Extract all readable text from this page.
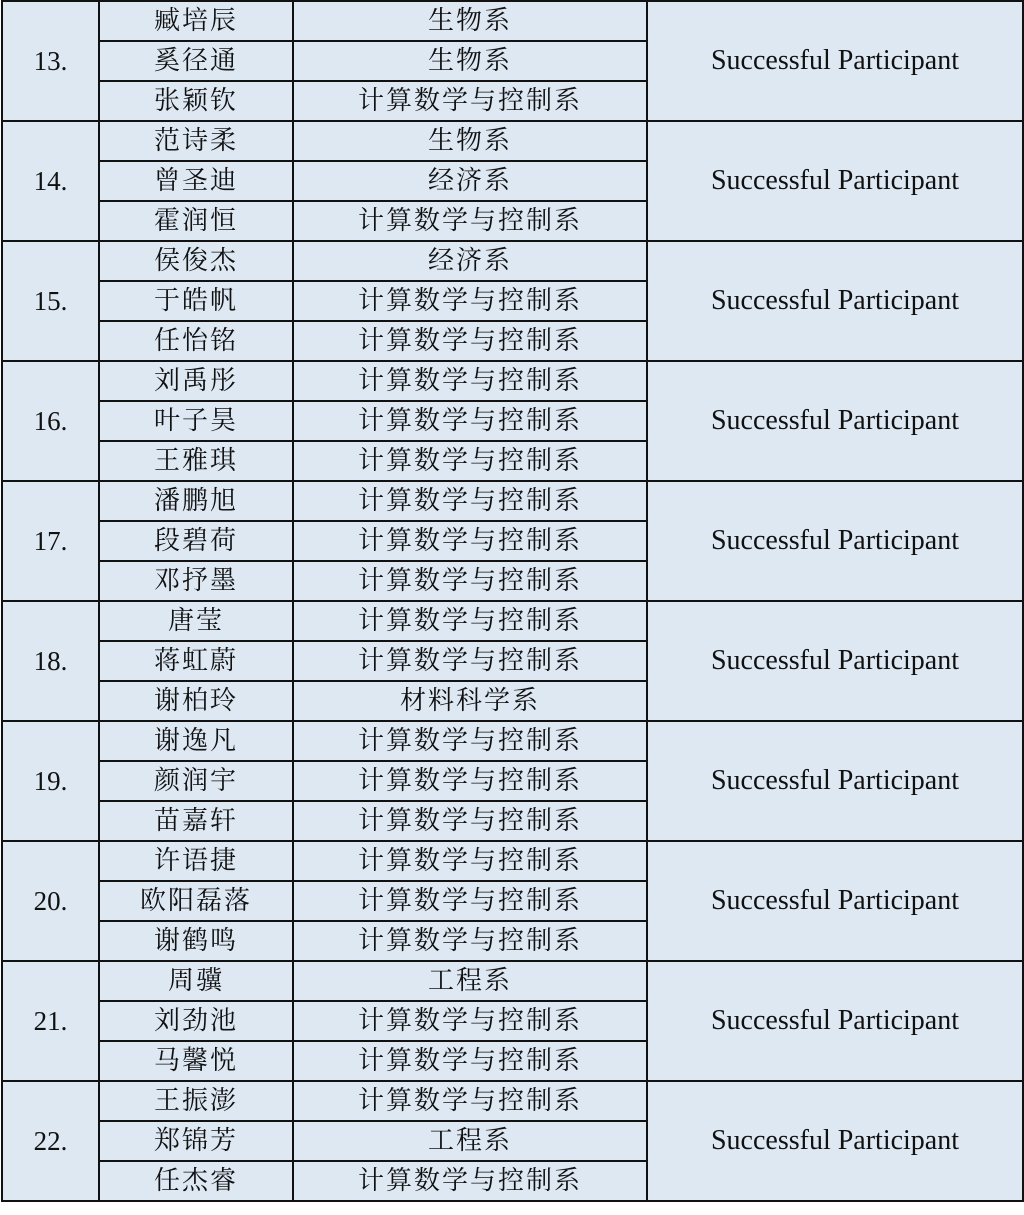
13.	臧培辰	生物系	Successful Participant
	奚径通	生物系	
	张颖钦	计算数学与控制系	
14.	范诗柔	生物系	Successful Participant
	曾圣迪	经济系	
	霍润恒	计算数学与控制系	
15.	侯俊杰	经济系	Successful Participant
	于皓帆	计算数学与控制系	
	任怡铭	计算数学与控制系	
16.	刘禹彤	计算数学与控制系	Successful Participant
	叶子昊	计算数学与控制系	
	王雅琪	计算数学与控制系	
17.	潘鹏旭	计算数学与控制系	Successful Participant
	段碧荷	计算数学与控制系	
	邓抒墨	计算数学与控制系	
18.	唐莹	计算数学与控制系	Successful Participant
	蒋虹蔚	计算数学与控制系	
	谢柏玲	材料科学系	
19.	谢逸凡	计算数学与控制系	Successful Participant
	颜润宇	计算数学与控制系	
	苗嘉轩	计算数学与控制系	
20.	许语捷	计算数学与控制系	Successful Participant
	欧阳磊落	计算数学与控制系	
	谢鹤鸣	计算数学与控制系	
21.	周骥	工程系	Successful Participant
	刘劲池	计算数学与控制系	
	马馨悦	计算数学与控制系	
22.	王振澎	计算数学与控制系	Successful Participant
	郑锦芳	工程系	
	任杰睿	计算数学与控制系	
